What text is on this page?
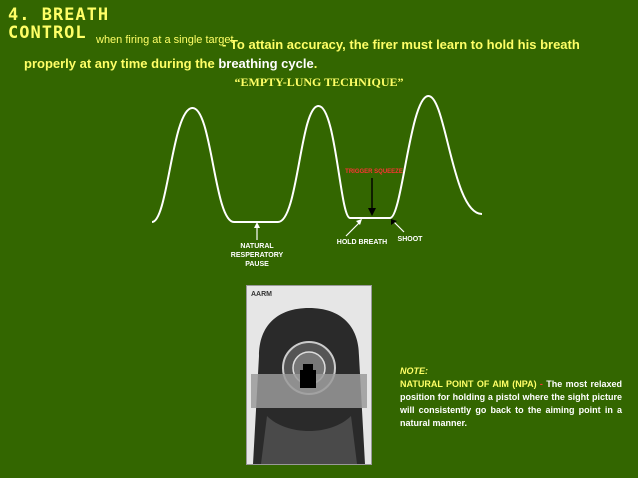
4. BREATH CONTROL when firing at a single target
- To attain accuracy, the firer must learn to hold his breath
properly at any time during the breathing cycle.
“EMPTY-LUNG TECHNIQUE”
TRIGGER SQUEEZE
NATURAL RESPERATORY PAUSE
HOLD BREATH	SHOOT
AARM
NOTE:
NATURAL POINT OF AIM (NPA) - The most relaxed position for holding a pistol where the sight picture will consistently go back to the aiming point in a natural manner.
